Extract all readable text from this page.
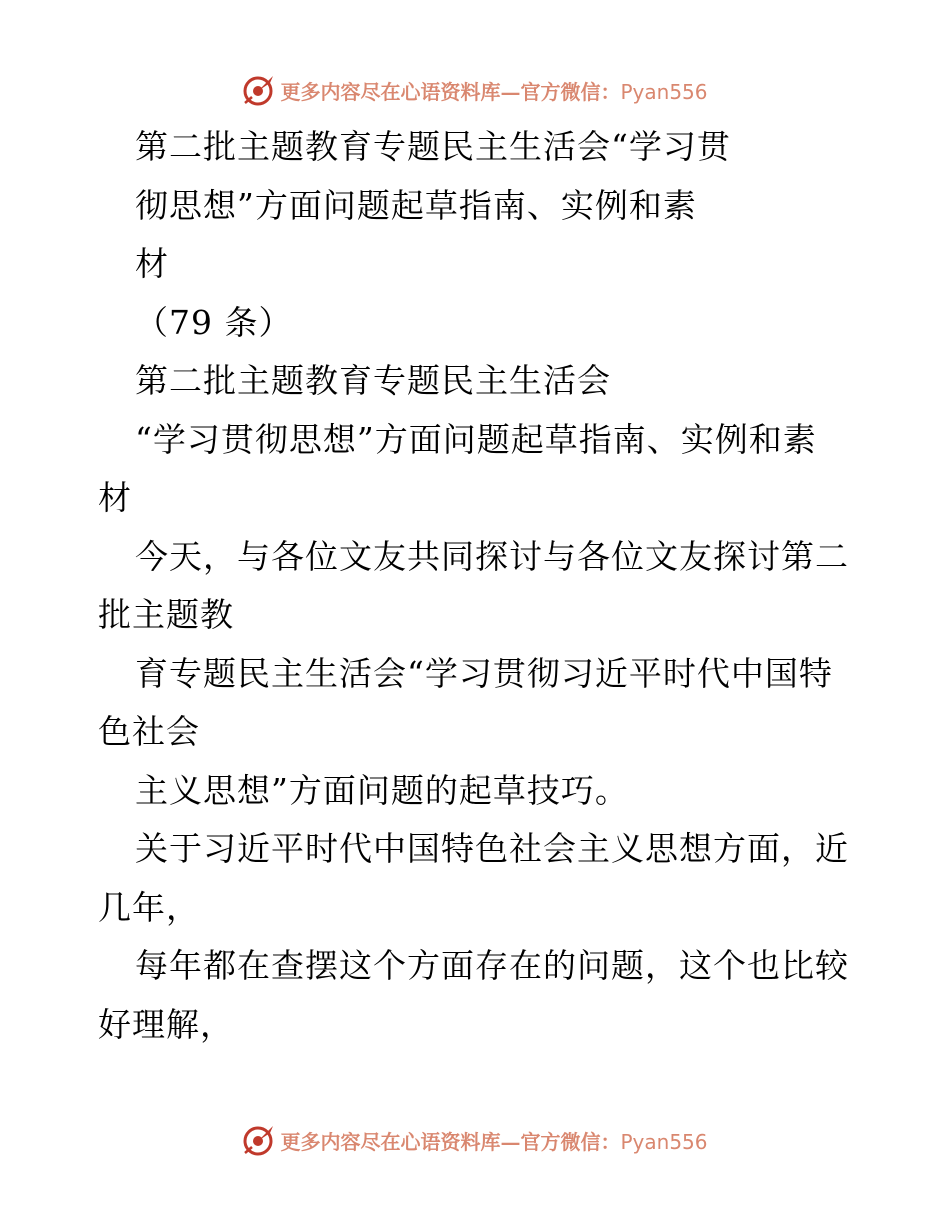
更多内容尽在心语资料库—官方微信：Pyan556
第二批主题教育专题民主生活会“学习贯
彻思想”方面问题起草指南、实例和素
材
（79 条）
第二批主题教育专题民主生活会
“学习贯彻思想”方面问题起草指南、实例和素
材
今天，与各位文友共同探讨与各位文友探讨第二
批主题教
育专题民主生活会“学习贯彻习近平时代中国特
色社会
主义思想”方面问题的起草技巧。
关于习近平时代中国特色社会主义思想方面，近
几年，
每年都在查摆这个方面存在的问题，这个也比较
好理解，
更多内容尽在心语资料库—官方微信：Pyan556
